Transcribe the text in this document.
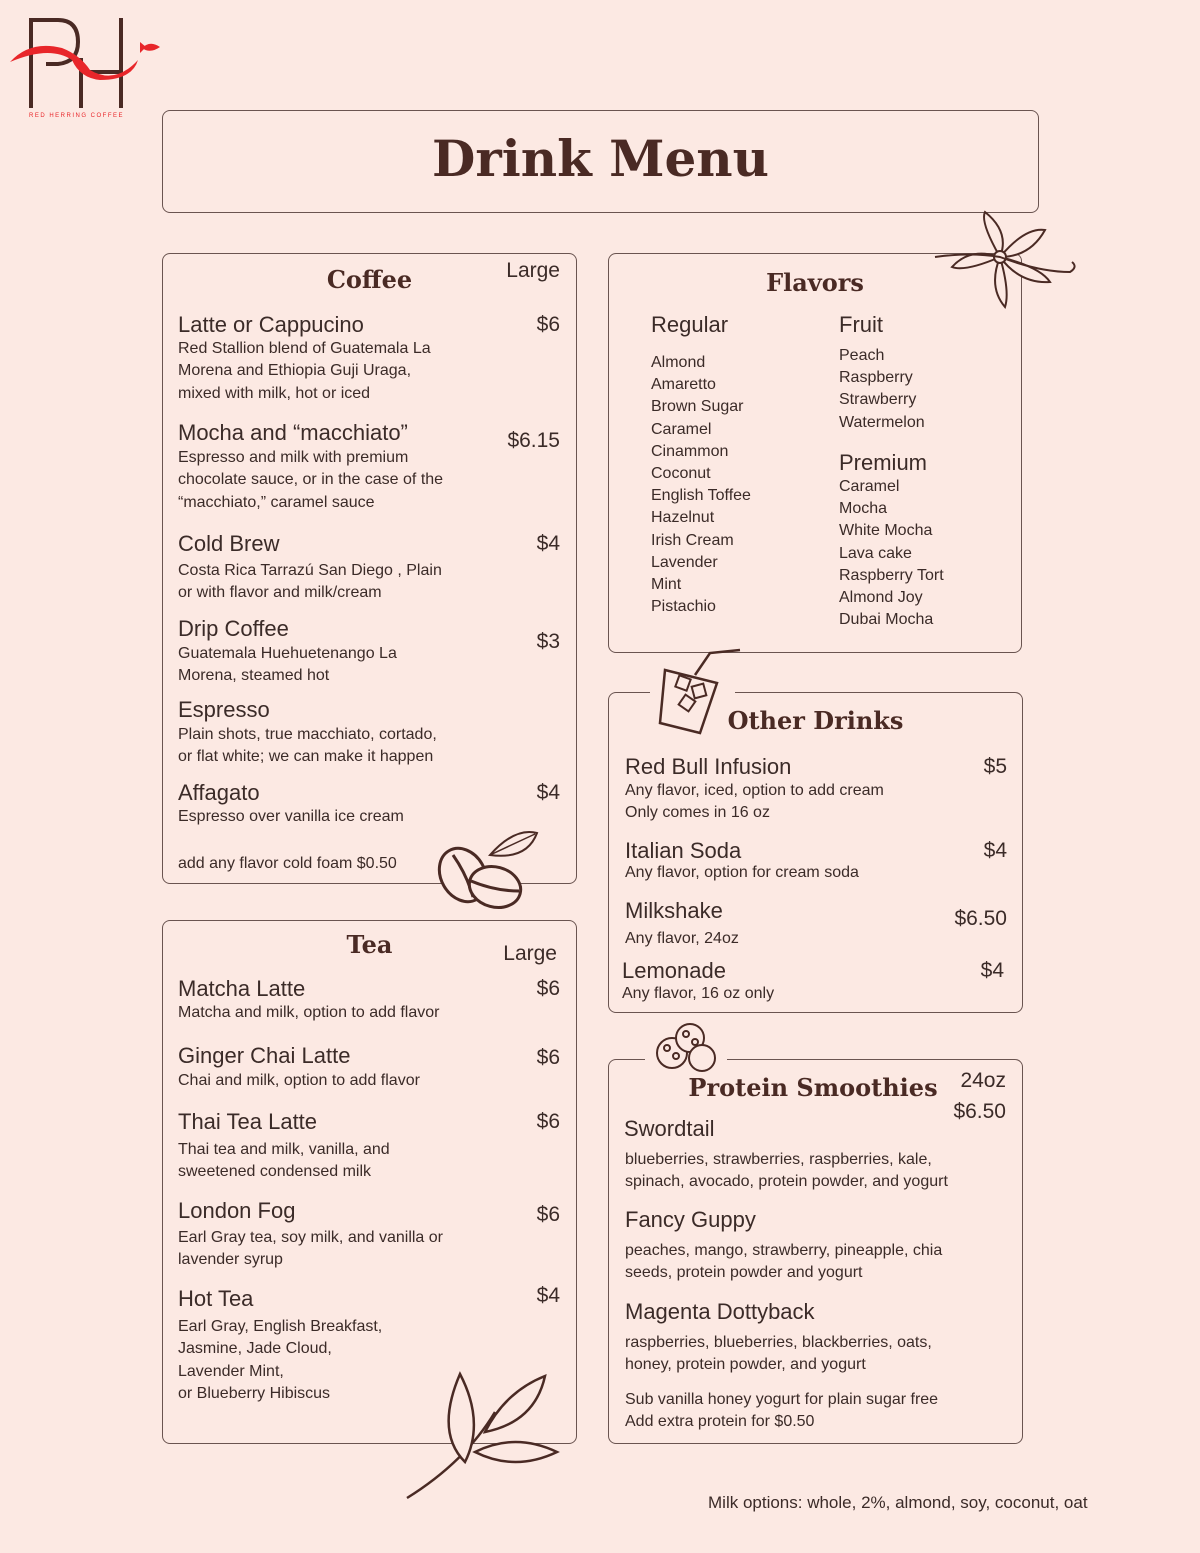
RED HERRING COFFEE
Drink Menu
Coffee	Large
Latte or Cappucino
Red Stallion blend of Guatemala La
Morena and Ethiopia Guji Uraga,
mixed with milk, hot or iced
$6
Mocha and “macchiato”
Espresso and milk with premium
chocolate sauce, or in the case of the
“macchiato,” caramel sauce
$6.15
Cold Brew
Costa Rica Tarrazú San Diego , Plain
or with flavor and milk/cream
$4
Drip Coffee
Guatemala Huehuetenango La
Morena, steamed hot
$3
Espresso
Plain shots, true macchiato, cortado,
or flat white; we can make it happen
Affagato
Espresso over vanilla ice cream
$4
add any flavor cold foam $0.50
Tea	Large
Matcha Latte
Matcha and milk, option to add flavor
$6
Ginger Chai Latte
Chai and milk, option to add flavor
$6
Thai Tea Latte
Thai tea and milk, vanilla, and
sweetened condensed milk
$6
London Fog
Earl Gray tea, soy milk, and vanilla or
lavender syrup
$6
Hot Tea
Earl Gray, English Breakfast,
Jasmine, Jade Cloud,
Lavender Mint,
or Blueberry Hibiscus
$4
Flavors
Regular
Almond
Amaretto
Brown Sugar
Caramel
Cinammon
Coconut
English Toffee
Hazelnut
Irish Cream
Lavender
Mint
Pistachio
Fruit
Peach
Raspberry
Strawberry
Watermelon
Premium
Caramel
Mocha
White Mocha
Lava cake
Raspberry Tort
Almond Joy
Dubai Mocha
Other Drinks
Red Bull Infusion
Any flavor, iced, option to add cream
Only comes in 16 oz
$5
Italian Soda
Any flavor, option for cream soda
$4
Milkshake
Any flavor, 24oz
$6.50
Lemonade
Any flavor, 16 oz only
$4
Protein Smoothies	24oz
$6.50
Swordtail
blueberries, strawberries, raspberries, kale,
spinach, avocado, protein powder, and yogurt
Fancy Guppy
peaches, mango, strawberry, pineapple, chia
seeds, protein powder and yogurt
Magenta Dottyback
raspberries, blueberries, blackberries, oats,
honey, protein powder, and yogurt
Sub vanilla honey yogurt for plain sugar free
Add extra protein for $0.50
Milk options: whole, 2%, almond, soy, coconut, oat
